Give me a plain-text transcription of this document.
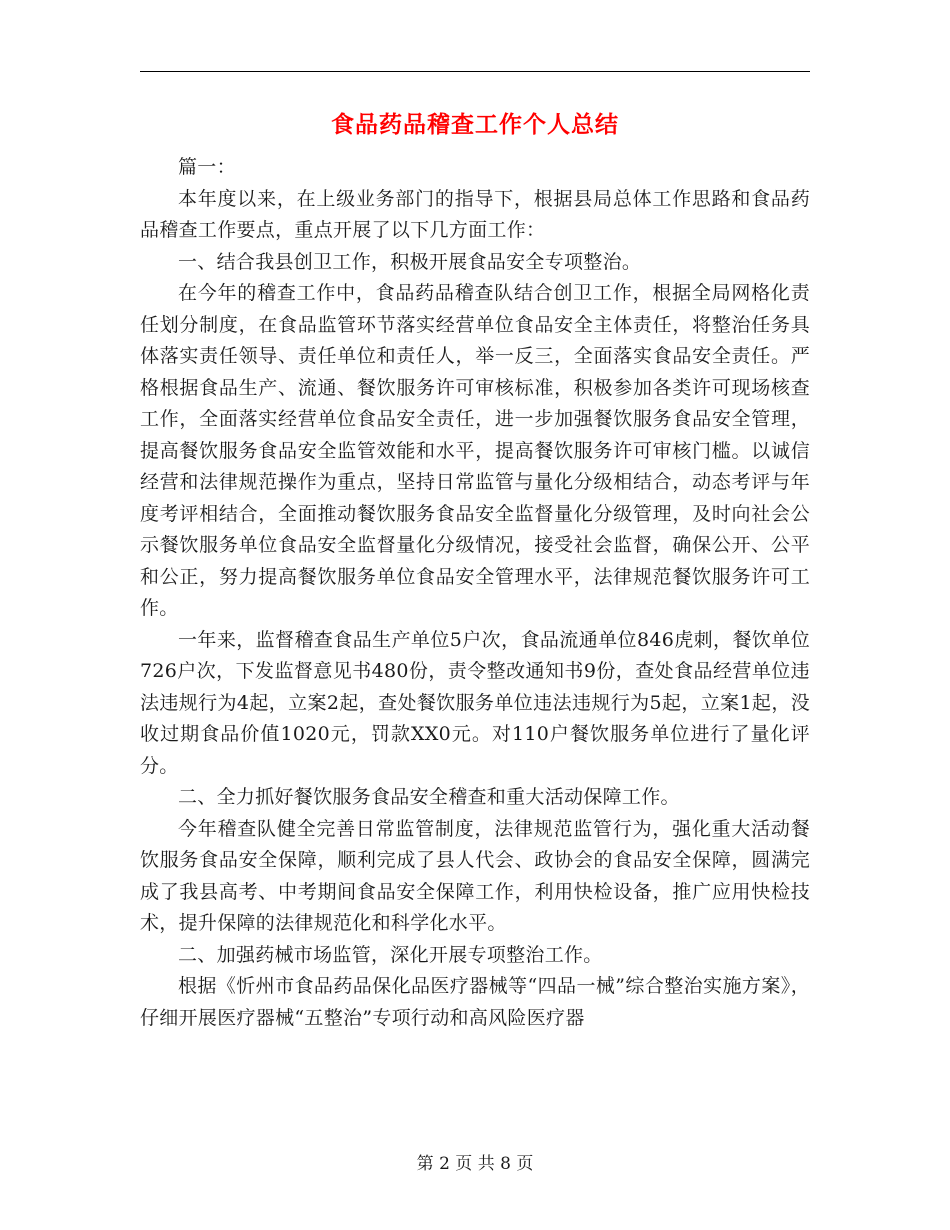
食品药品稽查工作个人总结

篇一：

本年度以来，在上级业务部门的指导下，根据县局总体工作思路和食品药品稽查工作要点，重点开展了以下几方面工作：

一、结合我县创卫工作，积极开展食品安全专项整治。

在今年的稽查工作中，食品药品稽查队结合创卫工作，根据全局网格化责任划分制度，在食品监管环节落实经营单位食品安全主体责任，将整治任务具体落实责任领导、责任单位和责任人，举一反三，全面落实食品安全责任。严格根据食品生产、流通、餐饮服务许可审核标准，积极参加各类许可现场核查工作，全面落实经营单位食品安全责任，进一步加强餐饮服务食品安全管理，提高餐饮服务食品安全监管效能和水平，提高餐饮服务许可审核门槛。以诚信经营和法律规范操作为重点，坚持日常监管与量化分级相结合，动态考评与年度考评相结合，全面推动餐饮服务食品安全监督量化分级管理，及时向社会公示餐饮服务单位食品安全监督量化分级情况，接受社会监督，确保公开、公平和公正，努力提高餐饮服务单位食品安全管理水平，法律规范餐饮服务许可工作。

一年来，监督稽查食品生产单位5户次，食品流通单位846虎刺，餐饮单位726户次，下发监督意见书480份，责令整改通知书9份，查处食品经营单位违法违规行为4起，立案2起，查处餐饮服务单位违法违规行为5起，立案1起，没收过期食品价值1020元，罚款XX0元。对110户餐饮服务单位进行了量化评分。

二、全力抓好餐饮服务食品安全稽查和重大活动保障工作。

今年稽查队健全完善日常监管制度，法律规范监管行为，强化重大活动餐饮服务食品安全保障，顺利完成了县人代会、政协会的食品安全保障，圆满完成了我县高考、中考期间食品安全保障工作，利用快检设备，推广应用快检技术，提升保障的法律规范化和科学化水平。

二、加强药械市场监管，深化开展专项整治工作。

根据《忻州市食品药品保化品医疗器械等“四品一械”综合整治实施方案》，仔细开展医疗器械“五整治”专项行动和高风险医疗器

第 2 页 共 8 页
